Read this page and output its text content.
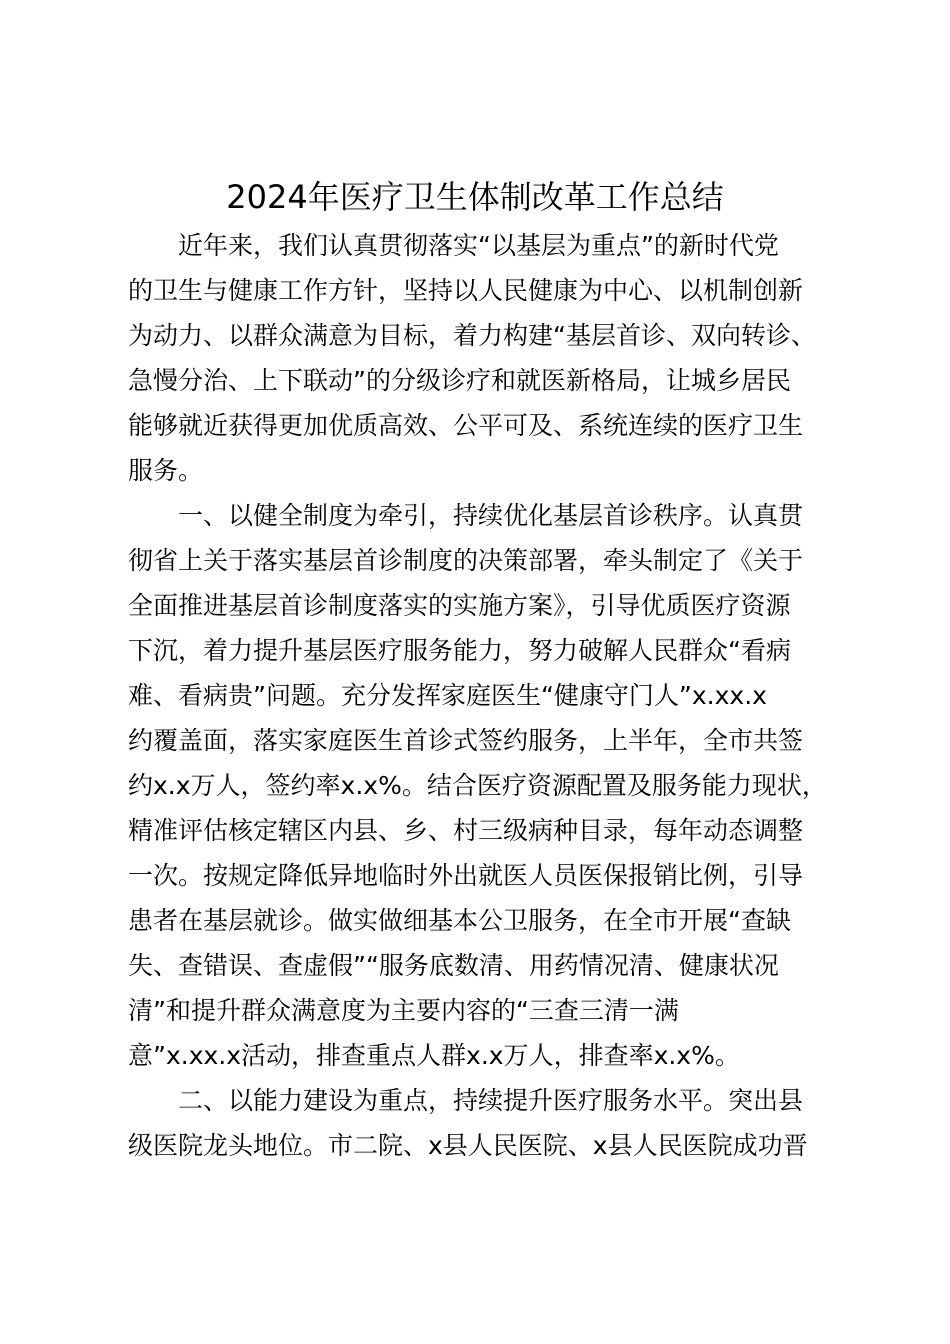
2024年医疗卫生体制改革工作总结
近年来，我们认真贯彻落实“以基层为重点”的新时代党
的卫生与健康工作方针，坚持以人民健康为中心、以机制创新
为动力、以群众满意为目标，着力构建“基层首诊、双向转诊、
急慢分治、上下联动”的分级诊疗和就医新格局，让城乡居民
能够就近获得更加优质高效、公平可及、系统连续的医疗卫生
服务。
一、以健全制度为牵引，持续优化基层首诊秩序。认真贯
彻省上关于落实基层首诊制度的决策部署，牵头制定了《关于
全面推进基层首诊制度落实的实施方案》，引导优质医疗资源
下沉，着力提升基层医疗服务能力，努力破解人民群众“看病
难、看病贵”问题。充分发挥家庭医生“健康守门人”x.xx.x
约覆盖面，落实家庭医生首诊式签约服务，上半年，全市共签
约x.x万人，签约率x.x%。结合医疗资源配置及服务能力现状，
精准评估核定辖区内县、乡、村三级病种目录，每年动态调整
一次。按规定降低异地临时外出就医人员医保报销比例，引导
患者在基层就诊。做实做细基本公卫服务，在全市开展“查缺
失、查错误、查虚假”“服务底数清、用药情况清、健康状况
清”和提升群众满意度为主要内容的“三查三清一满
意”x.xx.x活动，排查重点人群x.x万人，排查率x.x%。
二、以能力建设为重点，持续提升医疗服务水平。突出县
级医院龙头地位。市二院、x县人民医院、x县人民医院成功晋
